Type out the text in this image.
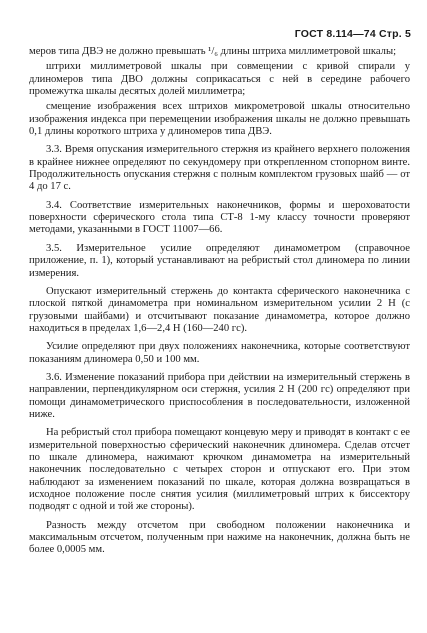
ГОСТ 8.114—74 Стр. 5

меров типа ДВЭ не должно превышать ¹/₆ длины штриха миллиметровой шкалы;

штрихи миллиметровой шкалы при совмещении с кривой спирали у длиномеров типа ДВО должны соприкасаться с ней в середине рабочего промежутка шкалы десятых долей миллиметра;

смещение изображения всех штрихов микрометровой шкалы относительно изображения индекса при перемещении изображения шкалы не должно превышать 0,1 длины короткого штриха у длиномеров типа ДВЭ.

3.3. Время опускания измерительного стержня из крайнего верхнего положения в крайнее нижнее определяют по секундомеру при открепленном стопорном винте. Продолжительность опускания стержня с полным комплектом грузовых шайб — от 4 до 17 с.

3.4. Соответствие измерительных наконечников, формы и шероховатости поверхности сферического стола типа СТ-8 1-му классу точности проверяют методами, указанными в ГОСТ 11007—66.

3.5. Измерительное усилие определяют динамометром (справочное приложение, п. 1), который устанавливают на ребристый стол длиномера по линии измерения.

Опускают измерительный стержень до контакта сферического наконечника с плоской пяткой динамометра при номинальном измерительном усилии 2 Н (с грузовыми шайбами) и отсчитывают показание динамометра, которое должно находиться в пределах 1,6—2,4 Н (160—240 гс).

Усилие определяют при двух положениях наконечника, которые соответствуют показаниям длиномера 0,50 и 100 мм.

3.6. Изменение показаний прибора при действии на измерительный стержень в направлении, перпендикулярном оси стержня, усилия 2 Н (200 гс) определяют при помощи динамометрического приспособления в последовательности, изложенной ниже.

На ребристый стол прибора помещают концевую меру и приводят в контакт с ее измерительной поверхностью сферический наконечник длиномера. Сделав отсчет по шкале длиномера, нажимают крючком динамометра на измерительный наконечник последовательно с четырех сторон и отпускают его. При этом наблюдают за изменением показаний по шкале, которая должна возвращаться в исходное положение после снятия усилия (миллиметровый штрих к биссектору подводят с одной и той же стороны).

Разность между отсчетом при свободном положении наконечника и максимальным отсчетом, полученным при нажиме на наконечник, должна быть не более 0,0005 мм.
